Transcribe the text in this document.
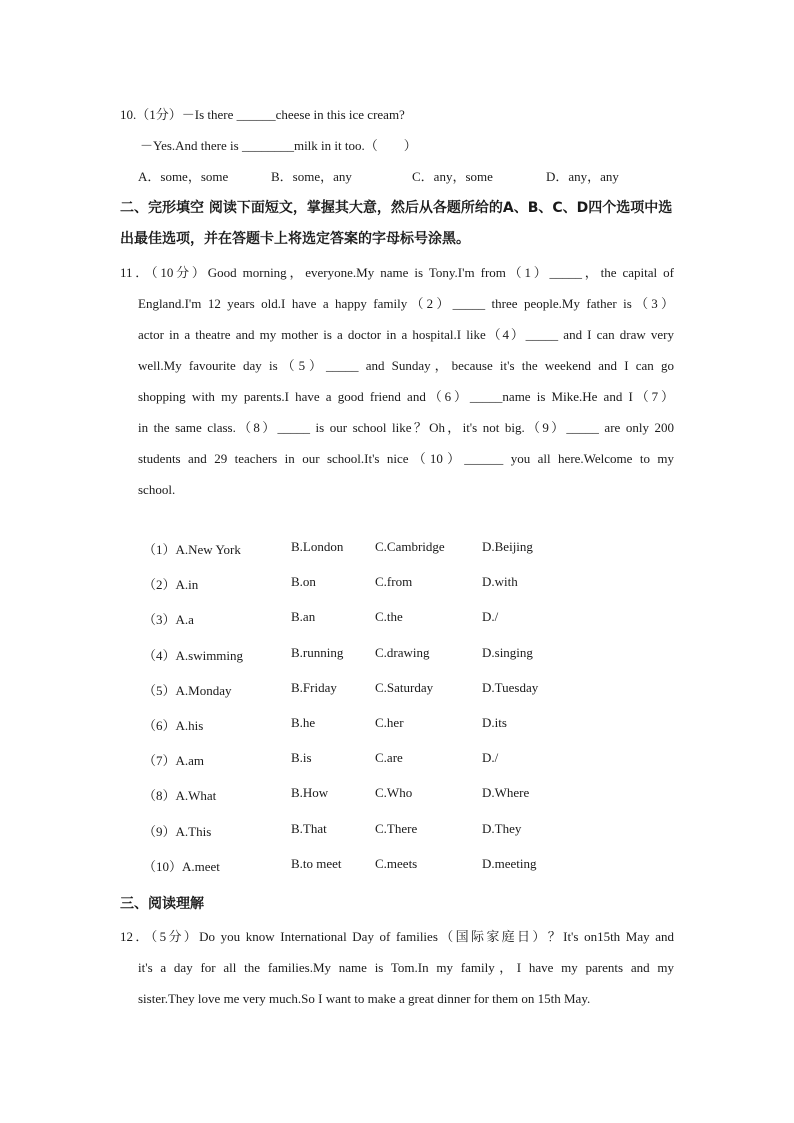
10.（1分）－Is there ______cheese in this ice cream?
－Yes.And there is ________milk in it too.（　　）
A．some，some	B．some，any	C．any，some	D．any，any
二、完形填空 阅读下面短文，掌握其大意，然后从各题所给的A、B、C、D四个选项中选
出最佳选项，并在答题卡上将选定答案的字母标号涂黑。
11．（10分）Good morning，everyone.My name is Tony.I'm from（1）_____，the capital of
England.I'm 12 years old.I have a happy family（2）_____ three people.My father is（3）
actor in a theatre and my mother is a doctor in a hospital.I like（4）_____ and I can draw very
well.My favourite day is（5）_____ and Sunday，because it's the weekend and I can go
shopping with my parents.I have a good friend and（6）_____name is Mike.He and I（7）
in the same class.（8）_____ is our school like？Oh，it's not big.（9）_____ are only 200
students and 29 teachers in our school.It's nice（10）______ you all here.Welcome to my
school.
（1）A.New York	B.London C.Cambridge	D.Beijing
（2）A.in	B.on	C.from	D.with
（3）A.a	B.an	C.the	D./
（4）A.swimming	B.running C.drawing	D.singing
（5）A.Monday	B.Friday	C.Saturday	D.Tuesday
（6）A.his	B.he	C.her	D.its
（7）A.am	B.is	C.are	D./
（8）A.What	B.How	C.Who	D.Where
（9）A.This	B.That	C.There	D.They
（10）A.meet	B.to meet	C.meets	D.meeting
三、阅读理解
12．（5分）Do you know International Day of families（国际家庭日）？It's on15th May and
it's a day for all the families.My name is Tom.In my family，I have my parents and my
sister.They love me very much.So I want to make a great dinner for them on 15th May.
